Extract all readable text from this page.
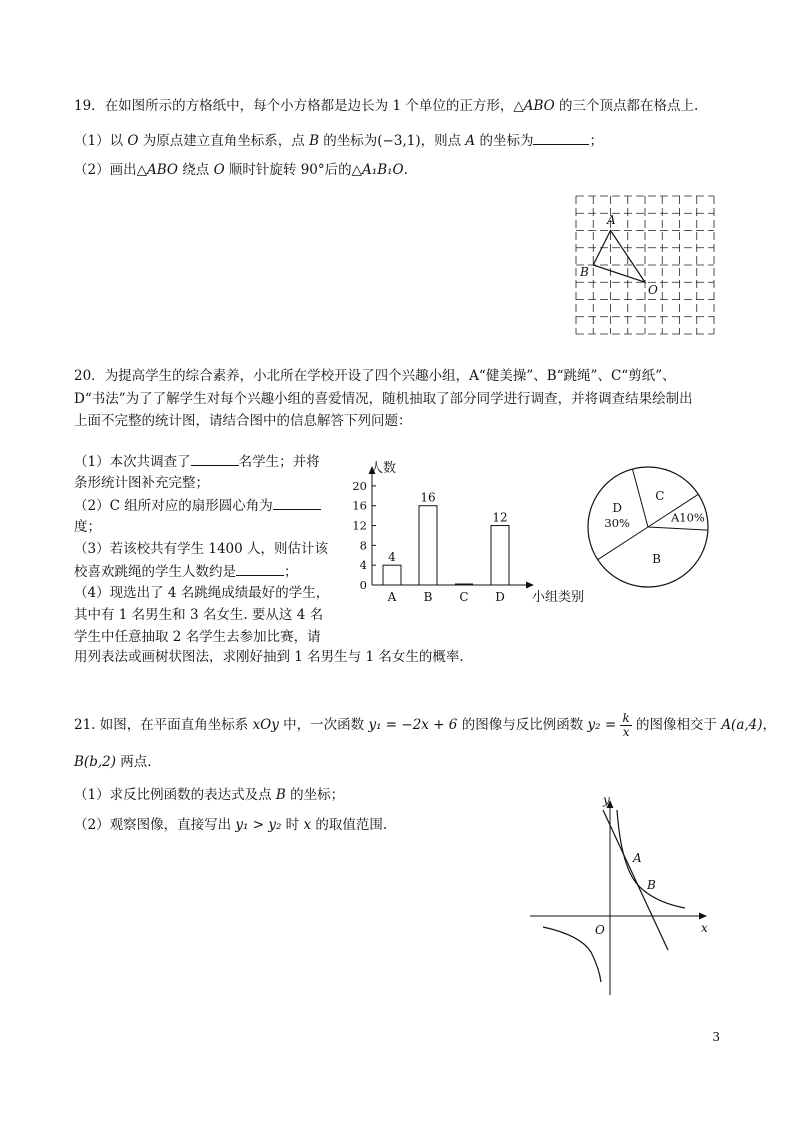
19．在如图所示的方格纸中，每个小方格都是边长为 1 个单位的正方形，△ABO 的三个顶点都在格点上.
（1）以 O 为原点建立直角坐标系，点 B 的坐标为(−3,1)，则点 A 的坐标为	；
（2）画出△ABO 绕点 O 顺时针旋转 90°后的△A₁B₁O.
A
B
O
20．为提高学生的综合素养，小北所在学校开设了四个兴趣小组，A“健美操”、B“跳绳”、C“剪纸”、
D“书法”为了了解学生对每个兴趣小组的喜爱情况，随机抽取了部分同学进行调查，并将调查结果绘制出
上面不完整的统计图，请结合图中的信息解答下列问题：
（1）本次共调查了	名学生；并将
条形统计图补充完整；
（2）C 组所对应的扇形圆心角为
度；
（3）若该校共有学生 1400 人，则估计该
校喜欢跳绳的学生人数约是	；
（4）现选出了 4 名跳绳成绩最好的学生，
其中有 1 名男生和 3 名女生. 要从这 4 名
学生中任意抽取 2 名学生去参加比赛，请
用列表法或画树状图法，求刚好抽到 1 名男生与 1 名女生的概率.
人数
小组类别
0
4
8
12
16
20
A
4
B
16
C D
12	A10%
C
D
30%
B
21. 如图，在平面直角坐标系 xOy 中，一次函数 y₁ = −2x + 6 的图像与反比例函数 $y_2 = \frac{k}{x}$ 的图像相交于 A(a,4)，
B(b,2) 两点.
（1）求反比例函数的表达式及点 B 的坐标；
（2）观察图像，直接写出 y₁ > y₂ 时 x 的取值范围.
y
x
O
A
B
3
